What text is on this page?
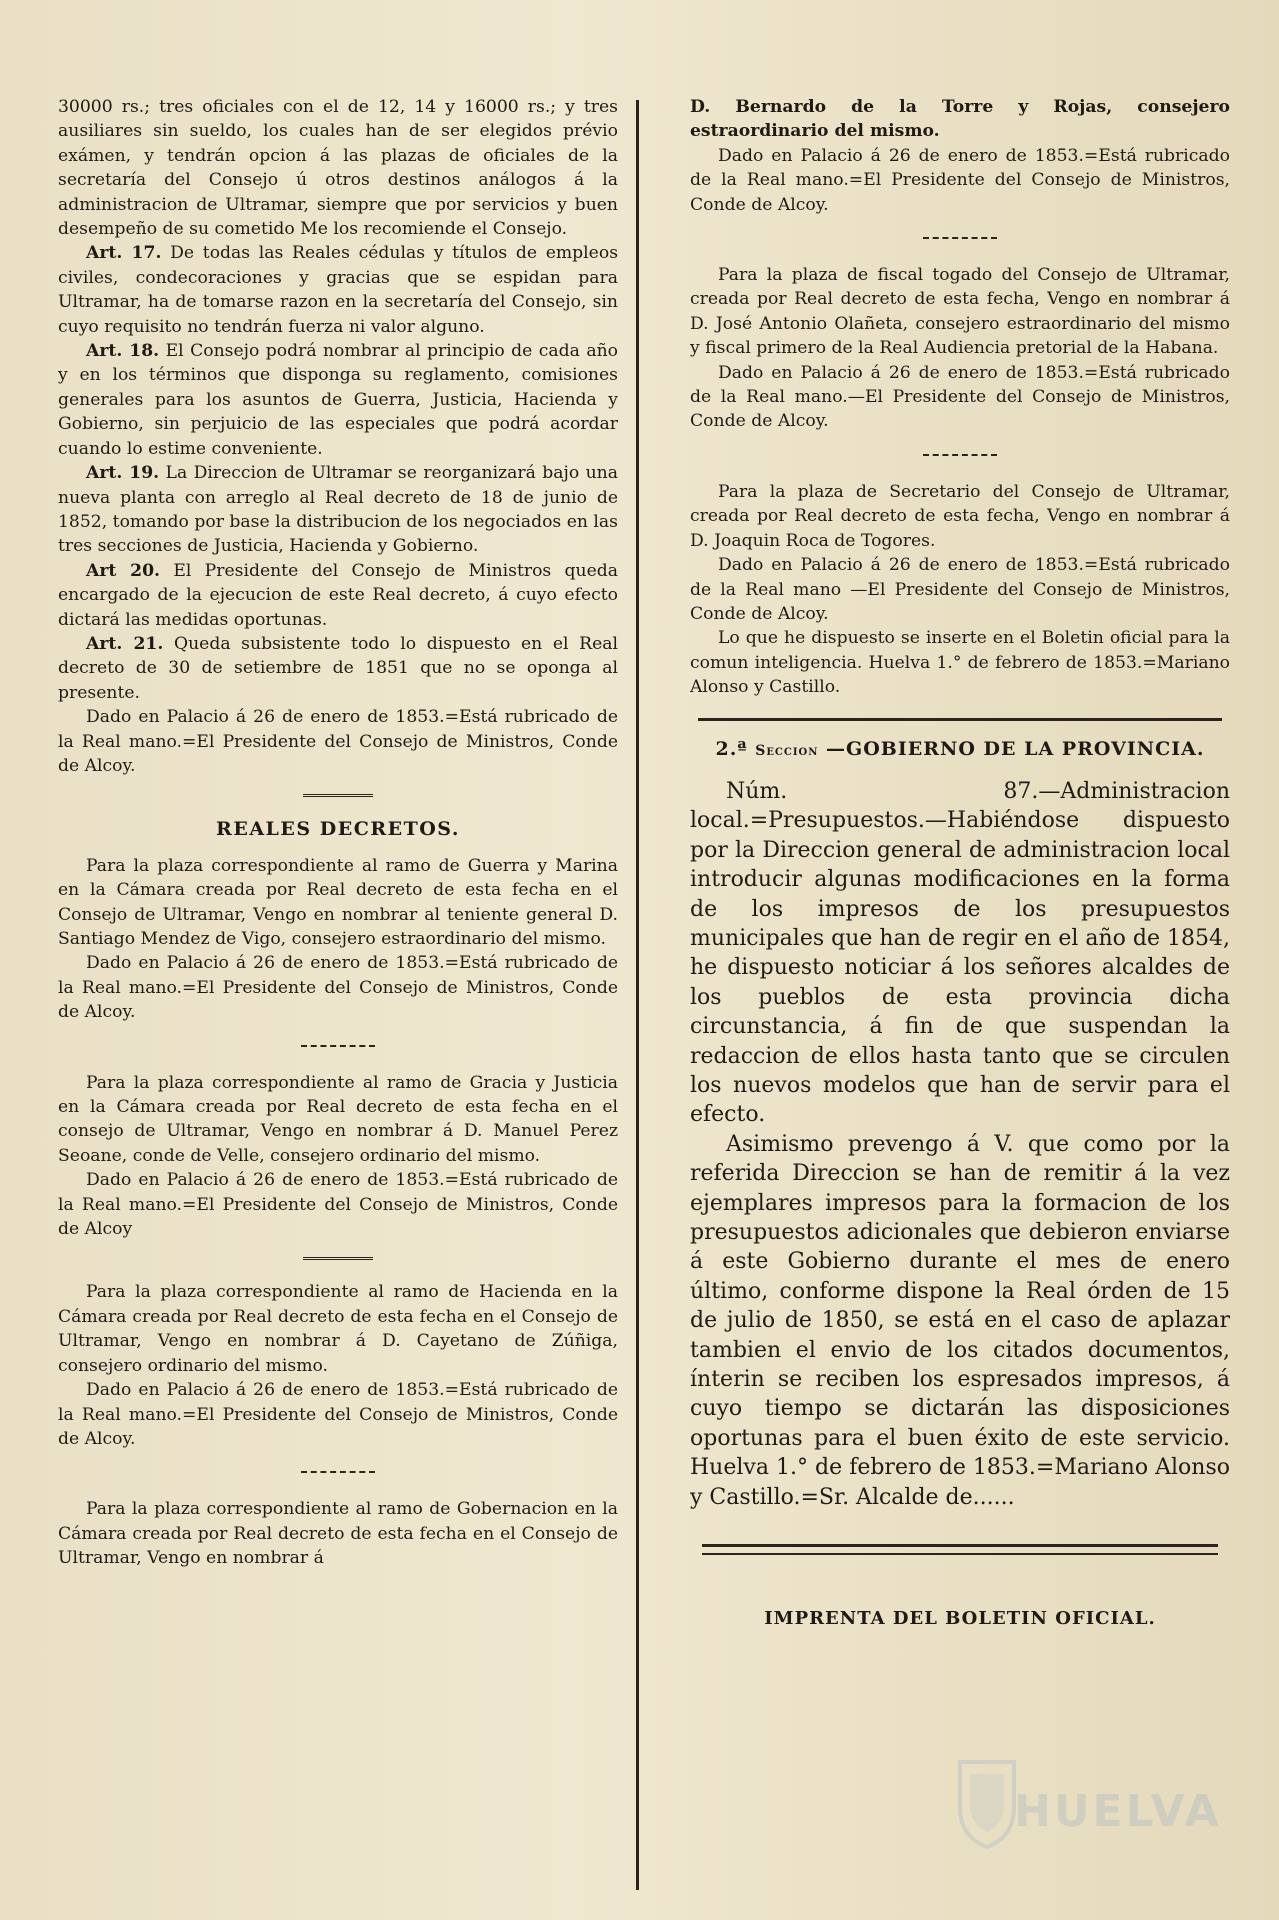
30000 rs.; tres oficiales con el de 12, 14 y 16000 rs.; y tres ausiliares sin sueldo, los cuales han de ser elegidos prévio exámen, y tendrán opcion á las plazas de oficiales de la secretaría del Consejo ú otros destinos análogos á la administracion de Ultramar, siempre que por servicios y buen desempeño de su cometido Me los recomiende el Consejo.

Art. 17. De todas las Reales cédulas y títulos de empleos civiles, condecoraciones y gracias que se espidan para Ultramar, ha de tomarse razon en la secretaría del Consejo, sin cuyo requisito no tendrán fuerza ni valor alguno.

Art. 18. El Consejo podrá nombrar al principio de cada año y en los términos que disponga su reglamento, comisiones generales para los asuntos de Guerra, Justicia, Hacienda y Gobierno, sin perjuicio de las especiales que podrá acordar cuando lo estime conveniente.

Art. 19. La Direccion de Ultramar se reorganizará bajo una nueva planta con arreglo al Real decreto de 18 de junio de 1852, tomando por base la distribucion de los negociados en las tres secciones de Justicia, Hacienda y Gobierno.

Art 20. El Presidente del Consejo de Ministros queda encargado de la ejecucion de este Real decreto, á cuyo efecto dictará las medidas oportunas.

Art. 21. Queda subsistente todo lo dispuesto en el Real decreto de 30 de setiembre de 1851 que no se oponga al presente.

Dado en Palacio á 26 de enero de 1853.=Está rubricado de la Real mano.=El Presidente del Consejo de Ministros, Conde de Alcoy.

REALES DECRETOS.

Para la plaza correspondiente al ramo de Guerra y Marina en la Cámara creada por Real decreto de esta fecha en el Consejo de Ultramar, Vengo en nombrar al teniente general D. Santiago Mendez de Vigo, consejero estraordinario del mismo.

Dado en Palacio á 26 de enero de 1853.=Está rubricado de la Real mano.=El Presidente del Consejo de Ministros, Conde de Alcoy.

Para la plaza correspondiente al ramo de Gracia y Justicia en la Cámara creada por Real decreto de esta fecha en el consejo de Ultramar, Vengo en nombrar á D. Manuel Perez Seoane, conde de Velle, consejero ordinario del mismo.

Dado en Palacio á 26 de enero de 1853.=Está rubricado de la Real mano.=El Presidente del Consejo de Ministros, Conde de Alcoy

Para la plaza correspondiente al ramo de Hacienda en la Cámara creada por Real decreto de esta fecha en el Consejo de Ultramar, Vengo en nombrar á D. Cayetano de Zúñiga, consejero ordinario del mismo.

Dado en Palacio á 26 de enero de 1853.=Está rubricado de la Real mano.=El Presidente del Consejo de Ministros, Conde de Alcoy.

Para la plaza correspondiente al ramo de Gobernacion en la Cámara creada por Real decreto de esta fecha en el Consejo de Ultramar, Vengo en nombrar á

D. Bernardo de la Torre y Rojas, consejero estraordinario del mismo.

Dado en Palacio á 26 de enero de 1853.=Está rubricado de la Real mano.=El Presidente del Consejo de Ministros, Conde de Alcoy.

Para la plaza de fiscal togado del Consejo de Ultramar, creada por Real decreto de esta fecha, Vengo en nombrar á D. José Antonio Olañeta, consejero estraordinario del mismo y fiscal primero de la Real Audiencia pretorial de la Habana.

Dado en Palacio á 26 de enero de 1853.=Está rubricado de la Real mano.—El Presidente del Consejo de Ministros, Conde de Alcoy.

Para la plaza de Secretario del Consejo de Ultramar, creada por Real decreto de esta fecha, Vengo en nombrar á D. Joaquin Roca de Togores.

Dado en Palacio á 26 de enero de 1853.=Está rubricado de la Real mano —El Presidente del Consejo de Ministros, Conde de Alcoy.

Lo que he dispuesto se inserte en el Boletin oficial para la comun inteligencia. Huelva 1.° de febrero de 1853.=Mariano Alonso y Castillo.

2.ª Seccion —GOBIERNO DE LA PROVINCIA.

Núm. 87.—Administracion local.=Presupuestos.—Habiéndose dispuesto por la Direccion general de administracion local introducir algunas modificaciones en la forma de los impresos de los presupuestos municipales que han de regir en el año de 1854, he dispuesto noticiar á los señores alcaldes de los pueblos de esta provincia dicha circunstancia, á fin de que suspendan la redaccion de ellos hasta tanto que se circulen los nuevos modelos que han de servir para el efecto.

Asimismo prevengo á V. que como por la referida Direccion se han de remitir á la vez ejemplares impresos para la formacion de los presupuestos adicionales que debieron enviarse á este Gobierno durante el mes de enero último, conforme dispone la Real órden de 15 de julio de 1850, se está en el caso de aplazar tambien el envio de los citados documentos, ínterin se reciben los espresados impresos, á cuyo tiempo se dictarán las disposiciones oportunas para el buen éxito de este servicio. Huelva 1.° de febrero de 1853.=Mariano Alonso y Castillo.=Sr. Alcalde de......

IMPRENTA DEL BOLETIN OFICIAL.
HUELVA
